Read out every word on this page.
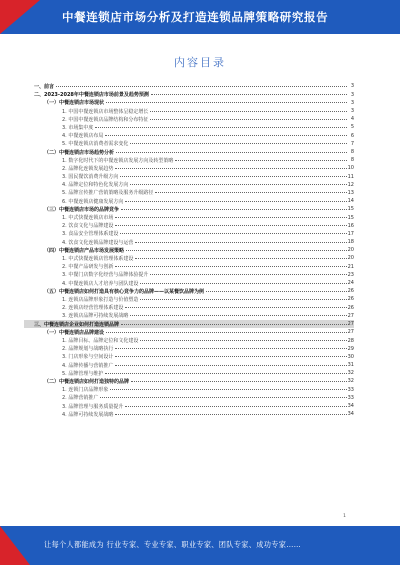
中餐连锁店市场分析及打造连锁品牌策略研究报告
内容目录
一、前言	3
二、2023-2028年中餐连锁店市场前景及趋势预测	3
（一）中餐连锁店市场现状	3
1. 中国中餐连锁店市场整体呈稳定增长	3
2. 中国中餐连锁店品牌结构和分布特征	4
3. 市场集中度	5
4. 中餐连锁店布局	6
5. 中餐连锁店消费者需求变化	7
（二）中餐连锁店市场趋势分析	8
1. 数字化时代下的中餐连锁店发展方向及转型策略	8
2. 品牌化连锁发展趋势	10
3. 国民餐饮消费升级方向	11
4. 品牌定位和特色化发展方向	12
5. 品牌宣传推广营销策略及服务升级路径	13
6. 中餐连锁店健康发展方向	14
（三）中餐连锁店市场的品牌竞争	15
1. 中式快餐连锁店市场	15
2. 饮食文化与品牌建设	16
3. 食品安全管理体系建设	17
4. 饮食文化连锁品牌建设与运营	18
（四）中餐连锁店产品市场发展策略	20
1. 中式快餐连锁店管理体系建设	20
2. 中餐产品研发与创新	21
3. 中餐门店数字化经营与品牌体验提升	23
4. 中餐连锁店人才培养与团队建设	24
（五）中餐连锁店如何打造具有核心竞争力的品牌——以某餐饮品牌为例	26
1. 连锁店品牌形象打造与价值塑造	26
2. 连锁店经营管理体系建设	26
3. 连锁店品牌可持续发展战略	27
三、中餐连锁店企业如何打造连锁品牌	27
（一）中餐连锁店品牌建设	27
1. 品牌目标、品牌定位和文化建设	28
2. 品牌规划与战略执行	29
3. 门店形象与空间设计	30
4. 品牌传播与营销推广	31
5. 品牌管理与维护	32
（二）中餐连锁店如何打造独特的品牌	32
1. 连锁门店品牌形象	33
2. 品牌营销推广	33
3. 品牌管理与服务质量提升	34
4. 品牌可持续发展战略	34
1
让每个人都能成为 行业专家、专业专家、职业专家、团队专家、成功专家……
